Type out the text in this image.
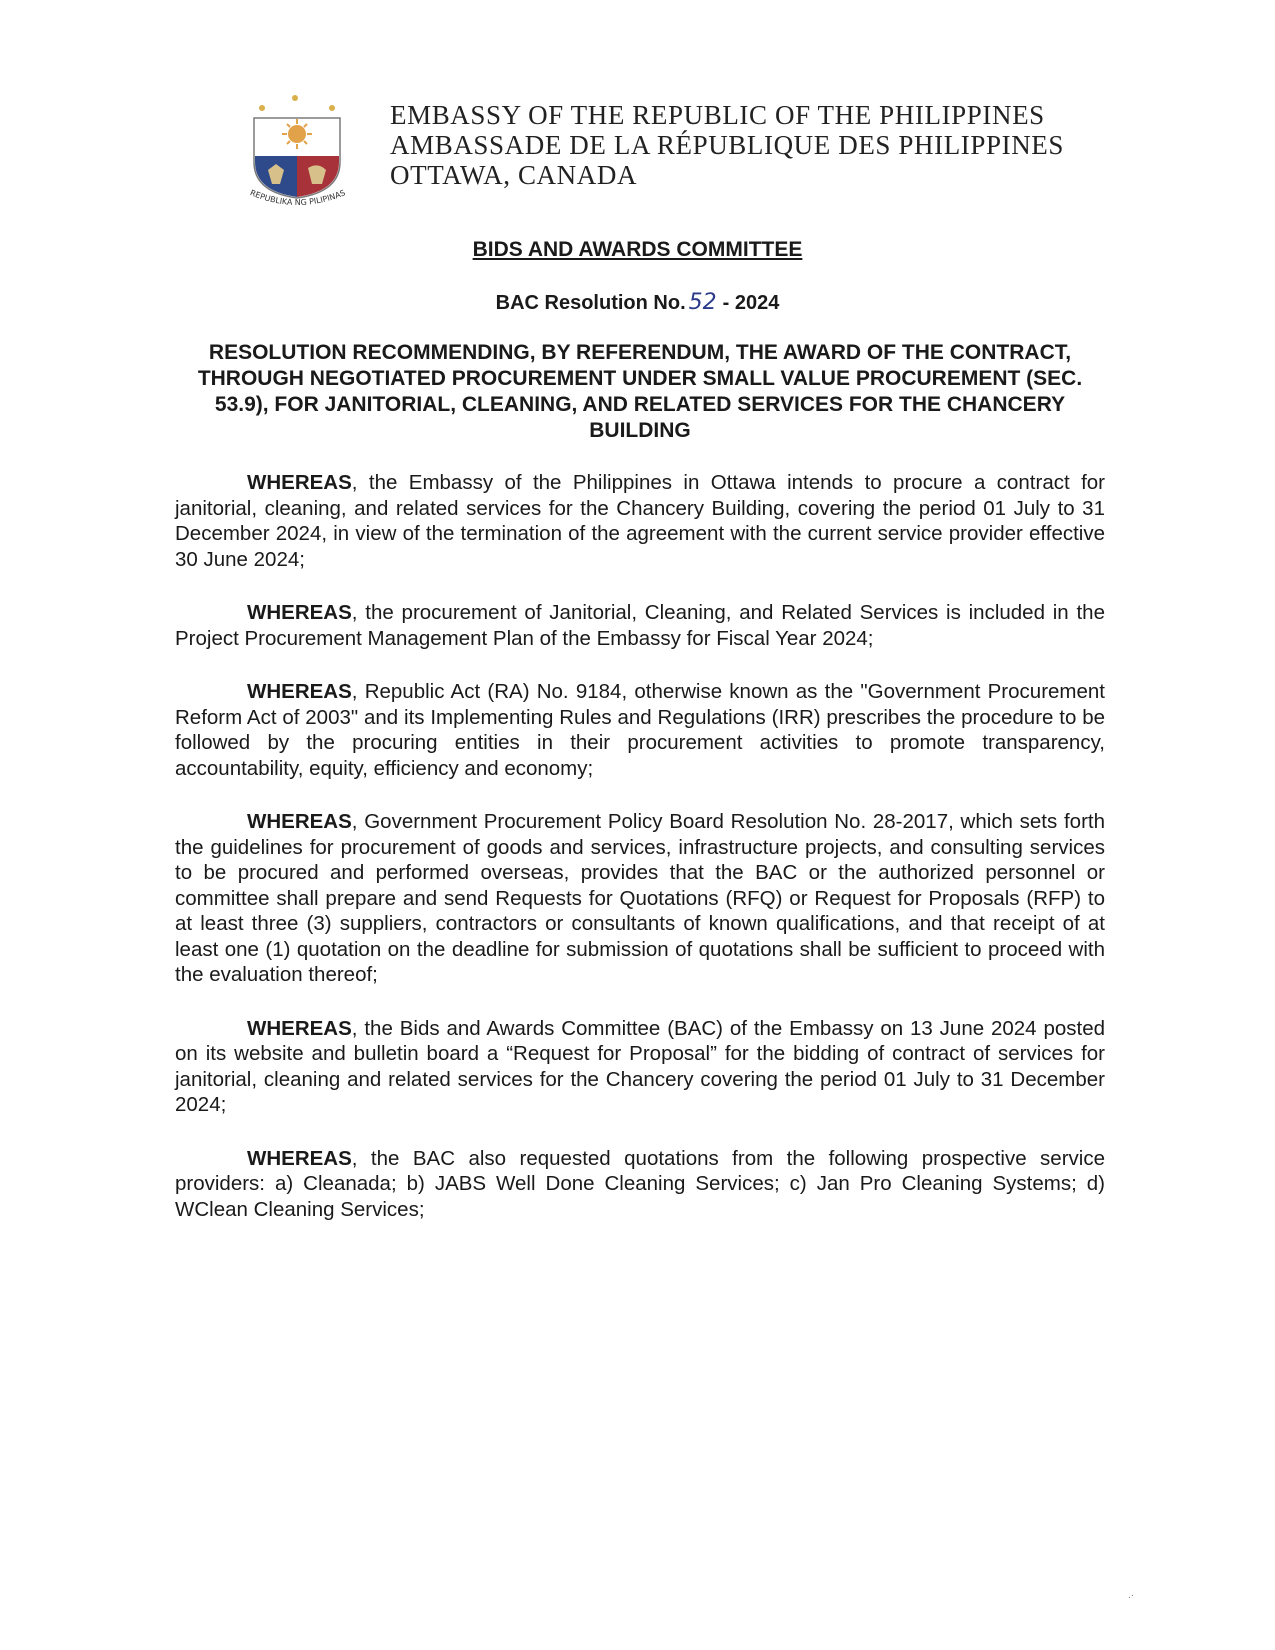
REPUBLIKA NG PILIPINAS
EMBASSY OF THE REPUBLIC OF THE PHILIPPINES
AMBASSADE DE LA RÉPUBLIQUE DES PHILIPPINES
OTTAWA, CANADA
BIDS AND AWARDS COMMITTEE
BAC Resolution No. 52 - 2024
RESOLUTION RECOMMENDING, BY REFERENDUM, THE AWARD OF THE CONTRACT, THROUGH NEGOTIATED PROCUREMENT UNDER SMALL VALUE PROCUREMENT (SEC. 53.9), FOR JANITORIAL, CLEANING, AND RELATED SERVICES FOR THE CHANCERY BUILDING

WHEREAS, the Embassy of the Philippines in Ottawa intends to procure a contract for janitorial, cleaning, and related services for the Chancery Building, covering the period 01 July to 31 December 2024, in view of the termination of the agreement with the current service provider effective 30 June 2024;

WHEREAS, the procurement of Janitorial, Cleaning, and Related Services is included in the Project Procurement Management Plan of the Embassy for Fiscal Year 2024;

WHEREAS, Republic Act (RA) No. 9184, otherwise known as the "Government Procurement Reform Act of 2003" and its Implementing Rules and Regulations (IRR) prescribes the procedure to be followed by the procuring entities in their procurement activities to promote transparency, accountability, equity, efficiency and economy;

WHEREAS, Government Procurement Policy Board Resolution No. 28-2017, which sets forth the guidelines for procurement of goods and services, infrastructure projects, and consulting services to be procured and performed overseas, provides that the BAC or the authorized personnel or committee shall prepare and send Requests for Quotations (RFQ) or Request for Proposals (RFP) to at least three (3) suppliers, contractors or consultants of known qualifications, and that receipt of at least one (1) quotation on the deadline for submission of quotations shall be sufficient to proceed with the evaluation thereof;

WHEREAS, the Bids and Awards Committee (BAC) of the Embassy on 13 June 2024 posted on its website and bulletin board a “Request for Proposal” for the bidding of contract of services for janitorial, cleaning and related services for the Chancery covering the period 01 July to 31 December 2024;

WHEREAS, the BAC also requested quotations from the following prospective service providers: a) Cleanada; b) JABS Well Done Cleaning Services; c) Jan Pro Cleaning Systems; d) WClean Cleaning Services;

.·
